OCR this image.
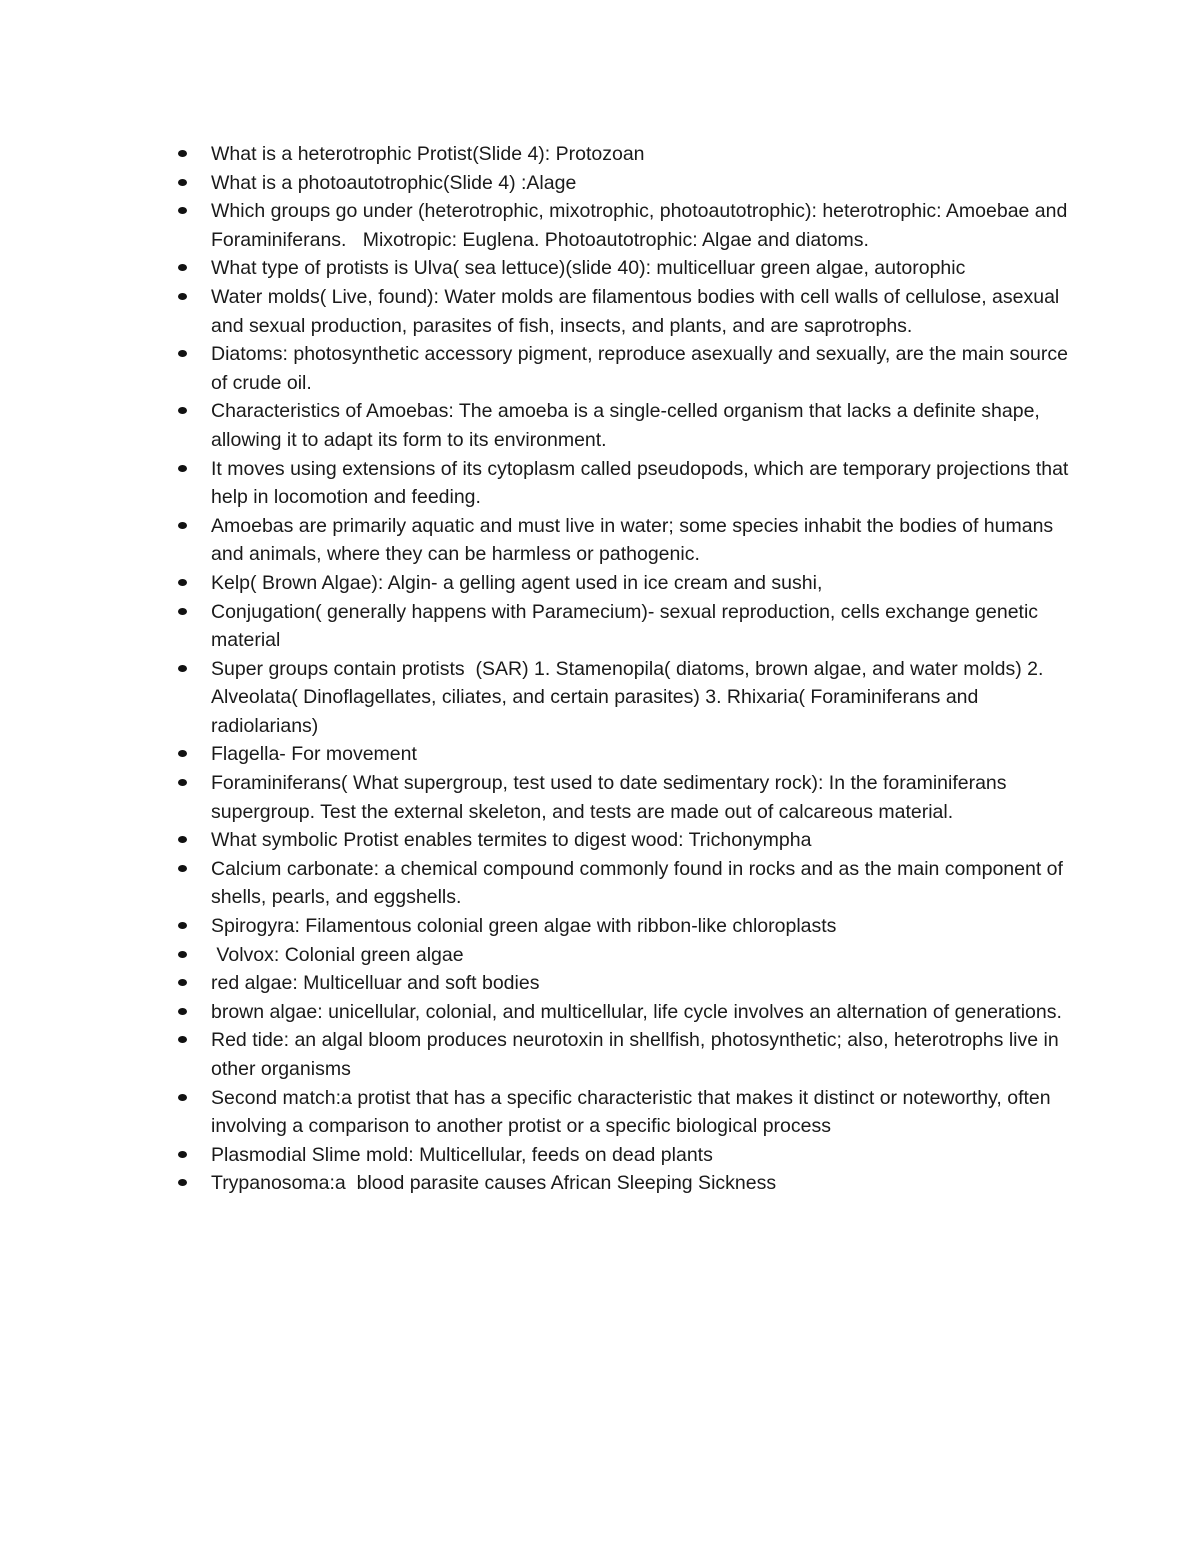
What is a heterotrophic Protist(Slide 4): Protozoan
What is a photoautotrophic(Slide 4) :Alage
Which groups go under (heterotrophic, mixotrophic, photoautotrophic): heterotrophic: Amoebae and Foraminiferans.   Mixotropic: Euglena. Photoautotrophic: Algae and diatoms.
What type of protists is Ulva( sea lettuce)(slide 40): multicelluar green algae, autorophic
Water molds( Live, found): Water molds are filamentous bodies with cell walls of cellulose, asexual and sexual production, parasites of fish, insects, and plants, and are saprotrophs.
Diatoms: photosynthetic accessory pigment, reproduce asexually and sexually, are the main source of crude oil.
Characteristics of Amoebas: The amoeba is a single-celled organism that lacks a definite shape, allowing it to adapt its form to its environment.
It moves using extensions of its cytoplasm called pseudopods, which are temporary projections that help in locomotion and feeding.
Amoebas are primarily aquatic and must live in water; some species inhabit the bodies of humans and animals, where they can be harmless or pathogenic.
Kelp( Brown Algae): Algin- a gelling agent used in ice cream and sushi,
Conjugation( generally happens with Paramecium)- sexual reproduction, cells exchange genetic material
Super groups contain protists  (SAR) 1. Stamenopila( diatoms, brown algae, and water molds) 2. Alveolata( Dinoflagellates, ciliates, and certain parasites) 3. Rhixaria( Foraminiferans and radiolarians)
Flagella- For movement
Foraminiferans( What supergroup, test used to date sedimentary rock): In the foraminiferans supergroup. Test the external skeleton, and tests are made out of calcareous material.
What symbolic Protist enables termites to digest wood: Trichonympha
Calcium carbonate: a chemical compound commonly found in rocks and as the main component of shells, pearls, and eggshells.
Spirogyra: Filamentous colonial green algae with ribbon-like chloroplasts
Volvox: Colonial green algae
red algae: Multicelluar and soft bodies
brown algae: unicellular, colonial, and multicellular, life cycle involves an alternation of generations.
Red tide: an algal bloom produces neurotoxin in shellfish, photosynthetic; also, heterotrophs live in other organisms
Second match:a protist that has a specific characteristic that makes it distinct or noteworthy, often involving a comparison to another protist or a specific biological process
Plasmodial Slime mold: Multicellular, feeds on dead plants
Trypanosoma:a  blood parasite causes African Sleeping Sickness
